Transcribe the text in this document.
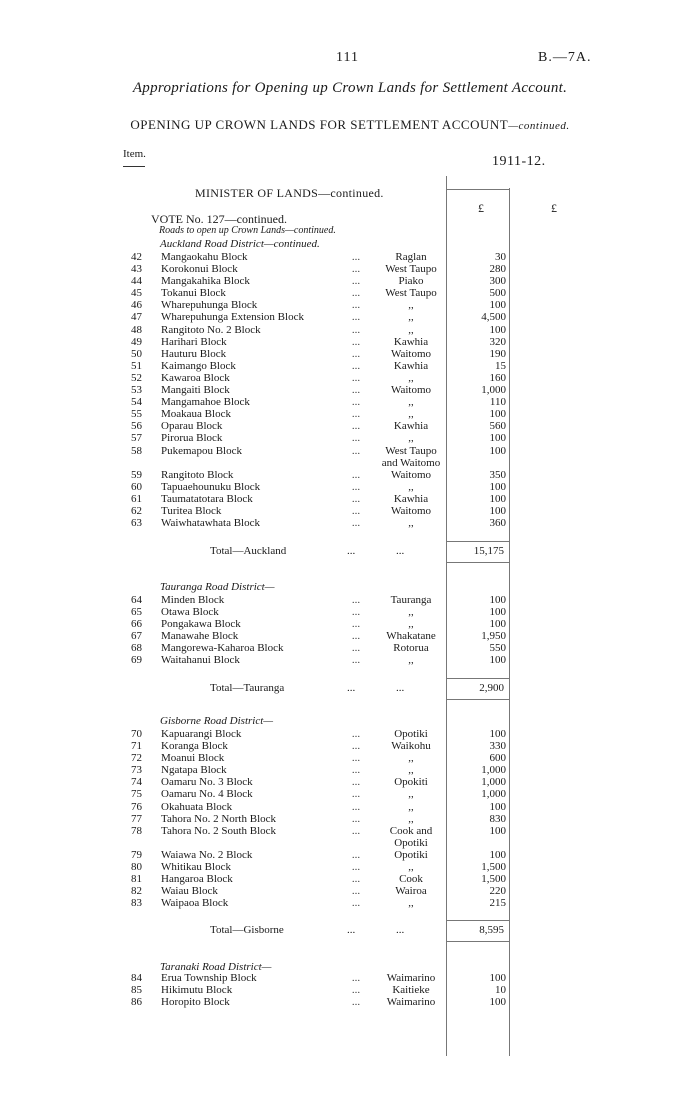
111	B.—7A.
Appropriations for Opening up Crown Lands for Settlement Account.
OPENING UP CROWN LANDS FOR SETTLEMENT ACCOUNT—continued.
Item.	1911-12.
MINISTER OF LANDS—continued.
£	£
VOTE No. 127—continued.
Roads to open up Crown Lands—continued.
Auckland Road District—continued.
42	Mangaokahu Block	...	Raglan	30
43	Korokonui Block	...	West Taupo	280
44	Mangakahika Block	...	Piako	300
45	Tokanui Block	...	West Taupo	500
46	Wharepuhunga Block	...	,,	100
47	Wharepuhunga Extension Block	...	,,	4,500
48	Rangitoto No. 2 Block	...	,,	100
49	Harihari Block	...	Kawhia	320
50	Hauturu Block	...	Waitomo	190
51	Kaimango Block	...	Kawhia	15
52	Kawaroa Block	...	,,	160
53	Mangaiti Block	...	Waitomo	1,000
54	Mangamahoe Block	...	,,	110
55	Moakaua Block	...	,,	100
56	Oparau Block	...	Kawhia	560
57	Pirorua Block	...	,,	100
58	Pukemapou Block	...	West Taupo
and Waitomo	100
59	Rangitoto Block	...	Waitomo	350
60	Tapuaehounuku Block	...	,,	100
61	Taumatatotara Block	...	Kawhia	100
62	Turitea Block	...	Waitomo	100
63	Waiwhatawhata Block	...	,,	360
Total—Auckland	...	...	15,175
Tauranga Road District—
64	Minden Block	...	Tauranga	100
65	Otawa Block	...	,,	100
66	Pongakawa Block	...	,,	100
67	Manawahe Block	...	Whakatane	1,950
68	Mangorewa-Kaharoa Block	...	Rotorua	550
69	Waitahanui Block	...	,,	100
Total—Tauranga	...	...	2,900
Gisborne Road District—
70	Kapuarangi Block	...	Opotiki	100
71	Koranga Block	...	Waikohu	330
72	Moanui Block	...	,,	600
73	Ngatapa Block	...	,,	1,000
74	Oamaru No. 3 Block	...	Opokiti	1,000
75	Oamaru No. 4 Block	...	,,	1,000
76	Okahuata Block	...	,,	100
77	Tahora No. 2 North Block	...	,,	830
78	Tahora No. 2 South Block	...	Cook and
Opotiki	100
79	Waiawa No. 2 Block	...	Opotiki	100
80	Whitikau Block	...	,,	1,500
81	Hangaroa Block	...	Cook	1,500
82	Waiau Block	...	Wairoa	220
83	Waipaoa Block	...	,,	215
Total—Gisborne	...	...	8,595
Taranaki Road District—
84	Erua Township Block	...	Waimarino	100
85	Hikimutu Block	...	Kaitieke	10
86	Horopito Block	...	Waimarino	100
